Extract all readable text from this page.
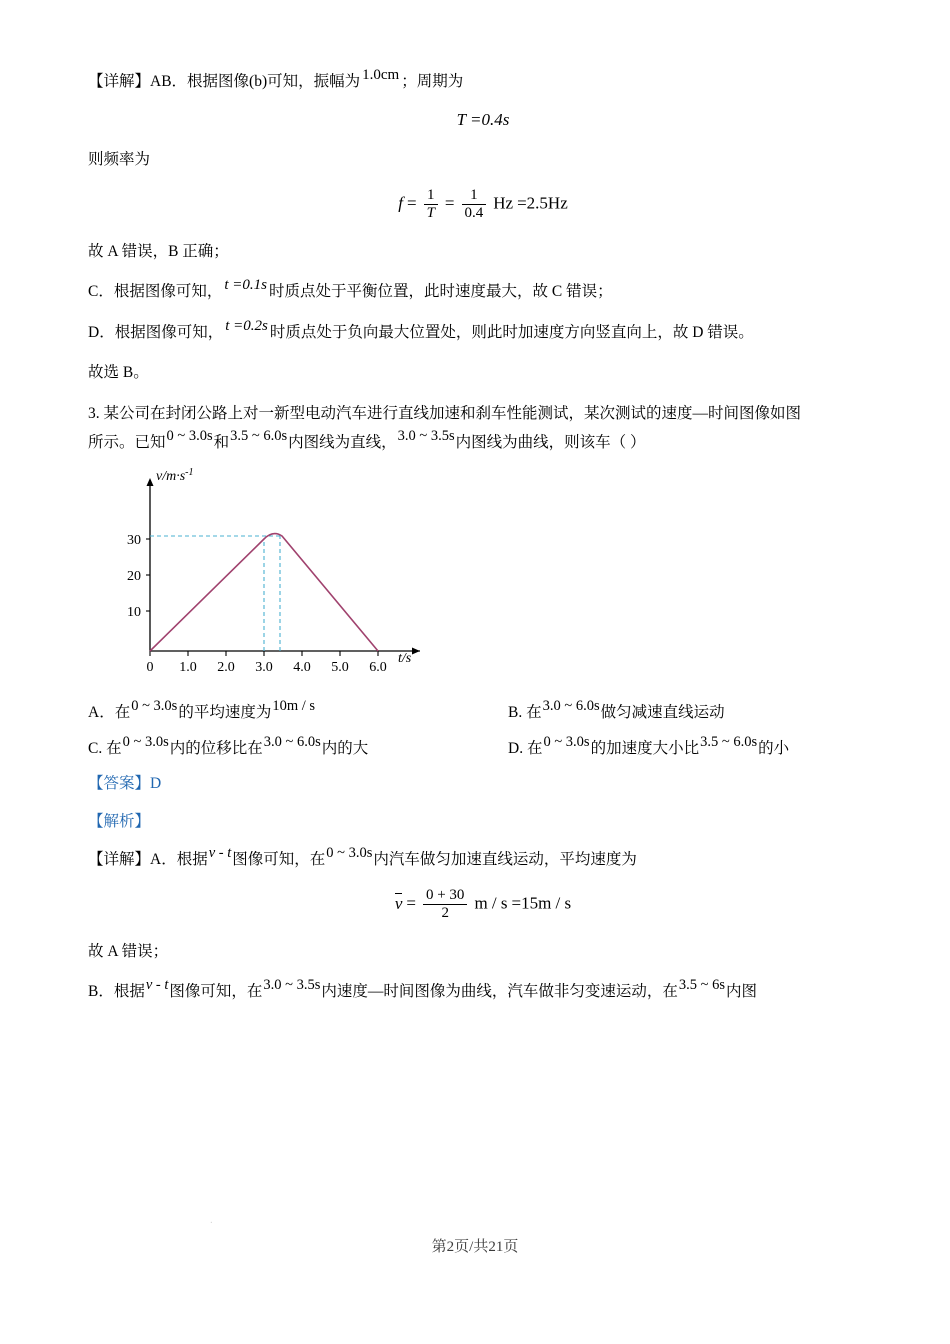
【详解】AB．根据图像(b)可知，振幅为 1.0cm ；周期为

T =0.4s

则频率为

$f = \frac{1}{T} = \frac{1}{0.4}$ Hz =2.5Hz

故 A 错误，B 正确；

C．根据图像可知， t =0.1s 时质点处于平衡位置，此时速度最大，故 C 错误；

D．根据图像可知， t =0.2s 时质点处于负向最大位置处，则此时加速度方向竖直向上，故 D 错误。

故选 B。

3. 某公司在封闭公路上对一新型电动汽车进行直线加速和刹车性能测试，某次测试的速度—时间图像如图

所示。已知0 ~ 3.0s和3.5 ~ 6.0s内图线为直线，3.0 ~ 3.5s内图线为曲线，则该车（ ）

10
20
30
0 1.0 2.0 3.0 4.0 5.0 6.0
$v/m\cdot s^{-1}$
t/s
A．在0 ~ 3.0s的平均速度为10m / s	B. 在3.0 ~ 6.0s做匀减速直线运动
C. 在0 ~ 3.0s内的位移比在3.0 ~ 6.0s内的大	D. 在0 ~ 3.0s的加速度大小比3.5 ~ 6.0s的小

【答案】D

【解析】

【详解】A．根据v - t图像可知，在0 ~ 3.0s内汽车做匀加速直线运动，平均速度为

$v = \frac{0 + 30}{2}$ m / s =15m / s

故 A 错误；

B．根据v - t图像可知，在3.0 ~ 3.5s内速度—时间图像为曲线，汽车做非匀变速运动，在3.5 ~ 6s内图

.
第2页/共21页
